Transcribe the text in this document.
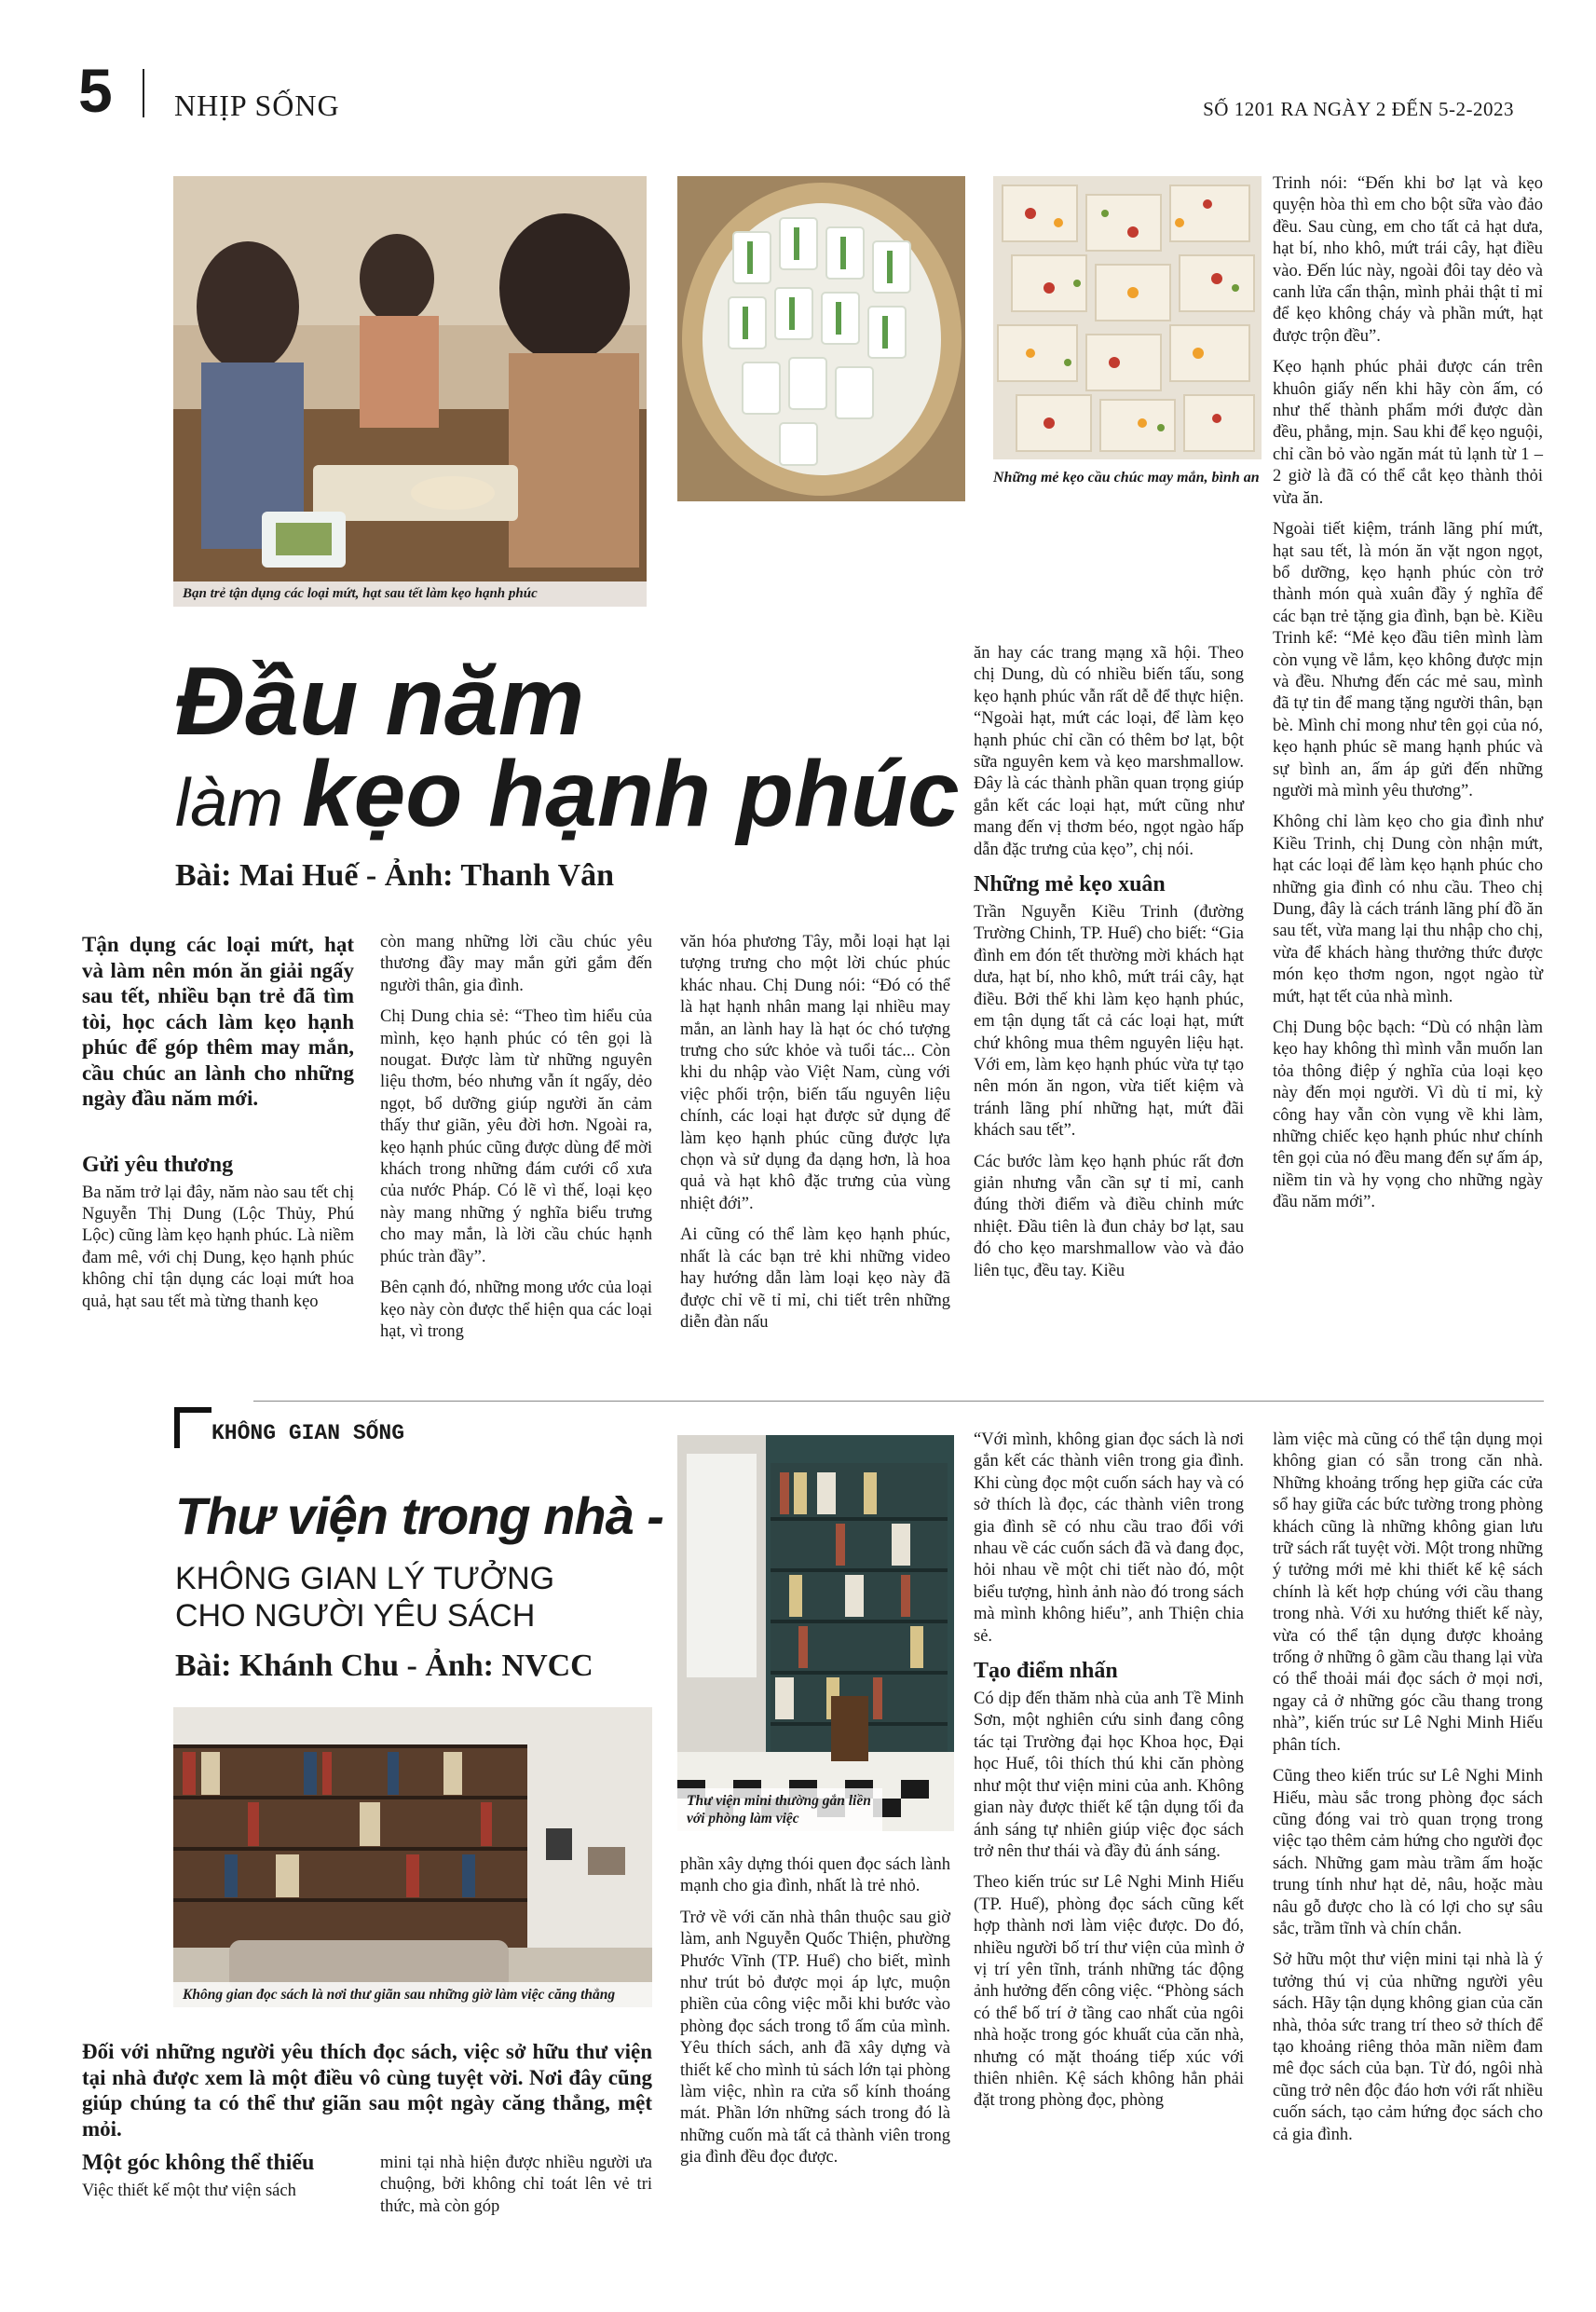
5 NHỊP SỐNG	SỐ 1201 RA NGÀY 2 ĐẾN 5-2-2023
Bạn trẻ tận dụng các loại mứt, hạt sau tết làm kẹo hạnh phúc
Những mẻ kẹo cầu chúc may mắn, bình an
Đầu năm
làm kẹo hạnh phúc
Bài: Mai Huế - Ảnh: Thanh Vân
Tận dụng các loại mứt, hạt và làm nên món ăn giải ngấy sau tết, nhiều bạn trẻ đã tìm tòi, học cách làm kẹo hạnh phúc để góp thêm may mắn, cầu chúc an lành cho những ngày đầu năm mới.
Gửi yêu thương

Ba năm trở lại đây, năm nào sau tết chị Nguyễn Thị Dung (Lộc Thủy, Phú Lộc) cũng làm kẹo hạnh phúc. Là niềm đam mê, với chị Dung, kẹo hạnh phúc không chỉ tận dụng các loại mứt hoa quả, hạt sau tết mà từng thanh kẹo

còn mang những lời cầu chúc yêu thương đầy may mắn gửi gắm đến người thân, gia đình.

Chị Dung chia sẻ: “Theo tìm hiểu của mình, kẹo hạnh phúc có tên gọi là nougat. Được làm từ những nguyên liệu thơm, béo nhưng vẫn ít ngấy, dẻo ngọt, bổ dưỡng giúp người ăn cảm thấy thư giãn, yêu đời hơn. Ngoài ra, kẹo hạnh phúc cũng được dùng để mời khách trong những đám cưới cổ xưa của nước Pháp. Có lẽ vì thế, loại kẹo này mang những ý nghĩa biểu trưng cho may mắn, là lời cầu chúc hạnh phúc tràn đầy”.

Bên cạnh đó, những mong ước của loại kẹo này còn được thể hiện qua các loại hạt, vì trong

văn hóa phương Tây, mỗi loại hạt lại tượng trưng cho một lời chúc phúc khác nhau. Chị Dung nói: “Đó có thể là hạt hạnh nhân mang lại nhiều may mắn, an lành hay là hạt óc chó tượng trưng cho sức khỏe và tuổi tác... Còn khi du nhập vào Việt Nam, cùng với việc phối trộn, biến tấu nguyên liệu chính, các loại hạt được sử dụng để làm kẹo hạnh phúc cũng được lựa chọn và sử dụng đa dạng hơn, là hoa quả và hạt khô đặc trưng của vùng nhiệt đới”.

Ai cũng có thể làm kẹo hạnh phúc, nhất là các bạn trẻ khi những video hay hướng dẫn làm loại kẹo này đã được chỉ vẽ tỉ mỉ, chi tiết trên những diễn đàn nấu

ăn hay các trang mạng xã hội. Theo chị Dung, dù có nhiều biến tấu, song kẹo hạnh phúc vẫn rất dễ để thực hiện. “Ngoài hạt, mứt các loại, để làm kẹo hạnh phúc chỉ cần có thêm bơ lạt, bột sữa nguyên kem và kẹo marshmallow. Đây là các thành phần quan trọng giúp gắn kết các loại hạt, mứt cũng như mang đến vị thơm béo, ngọt ngào hấp dẫn đặc trưng của kẹo”, chị nói.

Những mẻ kẹo xuân

Trần Nguyễn Kiều Trinh (đường Trường Chinh, TP. Huế) cho biết: “Gia đình em đón tết thường mời khách hạt dưa, hạt bí, nho khô, mứt trái cây, hạt điều. Bởi thế khi làm kẹo hạnh phúc, em tận dụng tất cả các loại hạt, mứt chứ không mua thêm nguyên liệu hạt. Với em, làm kẹo hạnh phúc vừa tự tạo nên món ăn ngon, vừa tiết kiệm và tránh lãng phí những hạt, mứt đãi khách sau tết”.

Các bước làm kẹo hạnh phúc rất đơn giản nhưng vẫn cần sự tỉ mỉ, canh đúng thời điểm và điều chỉnh mức nhiệt. Đầu tiên là đun chảy bơ lạt, sau đó cho kẹo marshmallow vào và đảo liên tục, đều tay. Kiều

Trinh nói: “Đến khi bơ lạt và kẹo quyện hòa thì em cho bột sữa vào đảo đều. Sau cùng, em cho tất cả hạt dưa, hạt bí, nho khô, mứt trái cây, hạt điều vào. Đến lúc này, ngoài đôi tay dẻo và canh lửa cẩn thận, mình phải thật tỉ mỉ để kẹo không cháy và phần mứt, hạt được trộn đều”.

Kẹo hạnh phúc phải được cán trên khuôn giấy nến khi hãy còn ấm, có như thế thành phẩm mới được dàn đều, phẳng, mịn. Sau khi để kẹo nguội, chỉ cần bỏ vào ngăn mát tủ lạnh từ 1 – 2 giờ là đã có thể cắt kẹo thành thỏi vừa ăn.

Ngoài tiết kiệm, tránh lãng phí mứt, hạt sau tết, là món ăn vặt ngon ngọt, bổ dưỡng, kẹo hạnh phúc còn trở thành món quà xuân đầy ý nghĩa để các bạn trẻ tặng gia đình, bạn bè. Kiều Trinh kể: “Mẻ kẹo đầu tiên mình làm còn vụng về lắm, kẹo không được mịn và đều. Nhưng đến các mẻ sau, mình đã tự tin để mang tặng người thân, bạn bè. Mình chỉ mong như tên gọi của nó, kẹo hạnh phúc sẽ mang hạnh phúc và sự bình an, ấm áp gửi đến những người mà mình yêu thương”.

Không chỉ làm kẹo cho gia đình như Kiều Trinh, chị Dung còn nhận mứt, hạt các loại để làm kẹo hạnh phúc cho những gia đình có nhu cầu. Theo chị Dung, đây là cách tránh lãng phí đồ ăn sau tết, vừa mang lại thu nhập cho chị, vừa để khách hàng thưởng thức được món kẹo thơm ngon, ngọt ngào từ mứt, hạt tết của nhà mình.

Chị Dung bộc bạch: “Dù có nhận làm kẹo hay không thì mình vẫn muốn lan tỏa thông điệp ý nghĩa của loại kẹo này đến mọi người. Vì dù tỉ mỉ, kỳ công hay vẫn còn vụng về khi làm, những chiếc kẹo hạnh phúc như chính tên gọi của nó đều mang đến sự ấm áp, niềm tin và hy vọng cho những ngày đầu năm mới”.

KHÔNG GIAN SỐNG
Thư viện trong nhà -
KHÔNG GIAN LÝ TƯỞNG
CHO NGƯỜI YÊU SÁCH
Bài: Khánh Chu - Ảnh: NVCC
Không gian đọc sách là nơi thư giãn sau những giờ làm việc căng thẳng
Thư viện mini thường gắn liền với phòng làm việc
Đối với những người yêu thích đọc sách, việc sở hữu thư viện tại nhà được xem là một điều vô cùng tuyệt vời. Nơi đây cũng giúp chúng ta có thể thư giãn sau một ngày căng thẳng, mệt mỏi.
Một góc không thể thiếu

Việc thiết kế một thư viện sách

mini tại nhà hiện được nhiều người ưa chuộng, bởi không chỉ toát lên vẻ tri thức, mà còn góp

phần xây dựng thói quen đọc sách lành mạnh cho gia đình, nhất là trẻ nhỏ.

Trở về với căn nhà thân thuộc sau giờ làm, anh Nguyễn Quốc Thiện, phường Phước Vĩnh (TP. Huế) cho biết, mình như trút bỏ được mọi áp lực, muộn phiền của công việc mỗi khi bước vào phòng đọc sách trong tổ ấm của mình. Yêu thích sách, anh đã xây dựng và thiết kế cho mình tủ sách lớn tại phòng làm việc, nhìn ra cửa sổ kính thoáng mát. Phần lớn những sách trong đó là những cuốn mà tất cả thành viên trong gia đình đều đọc được.

“Với mình, không gian đọc sách là nơi gắn kết các thành viên trong gia đình. Khi cùng đọc một cuốn sách hay và có sở thích là đọc, các thành viên trong gia đình sẽ có nhu cầu trao đổi với nhau về các cuốn sách đã và đang đọc, hỏi nhau về một chi tiết nào đó, một biểu tượng, hình ảnh nào đó trong sách mà mình không hiểu”, anh Thiện chia sẻ.

Tạo điểm nhấn

Có dịp đến thăm nhà của anh Tề Minh Sơn, một nghiên cứu sinh đang công tác tại Trường đại học Khoa học, Đại học Huế, tôi thích thú khi căn phòng như một thư viện mini của anh. Không gian này được thiết kế tận dụng tối đa ánh sáng tự nhiên giúp việc đọc sách trở nên thư thái và đầy đủ ánh sáng.

Theo kiến trúc sư Lê Nghi Minh Hiếu (TP. Huế), phòng đọc sách cũng kết hợp thành nơi làm việc được. Do đó, nhiều người bố trí thư viện của mình ở vị trí yên tĩnh, tránh những tác động ảnh hưởng đến công việc. “Phòng sách có thể bố trí ở tầng cao nhất của ngôi nhà hoặc trong góc khuất của căn nhà, nhưng có mặt thoáng tiếp xúc với thiên nhiên. Kệ sách không hẳn phải đặt trong phòng đọc, phòng

làm việc mà cũng có thể tận dụng mọi không gian có sẵn trong căn nhà. Những khoảng trống hẹp giữa các cửa sổ hay giữa các bức tường trong phòng khách cũng là những không gian lưu trữ sách rất tuyệt vời. Một trong những ý tưởng mới mẻ khi thiết kế kệ sách chính là kết hợp chúng với cầu thang trong nhà. Với xu hướng thiết kế này, vừa có thể tận dụng được khoảng trống ở những ô gầm cầu thang lại vừa có thể thoải mái đọc sách ở mọi nơi, ngay cả ở những góc cầu thang trong nhà”, kiến trúc sư Lê Nghi Minh Hiếu phân tích.

Cũng theo kiến trúc sư Lê Nghi Minh Hiếu, màu sắc trong phòng đọc sách cũng đóng vai trò quan trọng trong việc tạo thêm cảm hứng cho người đọc sách. Những gam màu trầm ấm hoặc trung tính như hạt dẻ, nâu, hoặc màu nâu gỗ được cho là có lợi cho sự sâu sắc, trầm tĩnh và chín chắn.

Sở hữu một thư viện mini tại nhà là ý tưởng thú vị của những người yêu sách. Hãy tận dụng không gian của căn nhà, thỏa sức trang trí theo sở thích để tạo khoảng riêng thỏa mãn niềm đam mê đọc sách của bạn. Từ đó, ngôi nhà cũng trở nên độc đáo hơn với rất nhiều cuốn sách, tạo cảm hứng đọc sách cho cả gia đình.
